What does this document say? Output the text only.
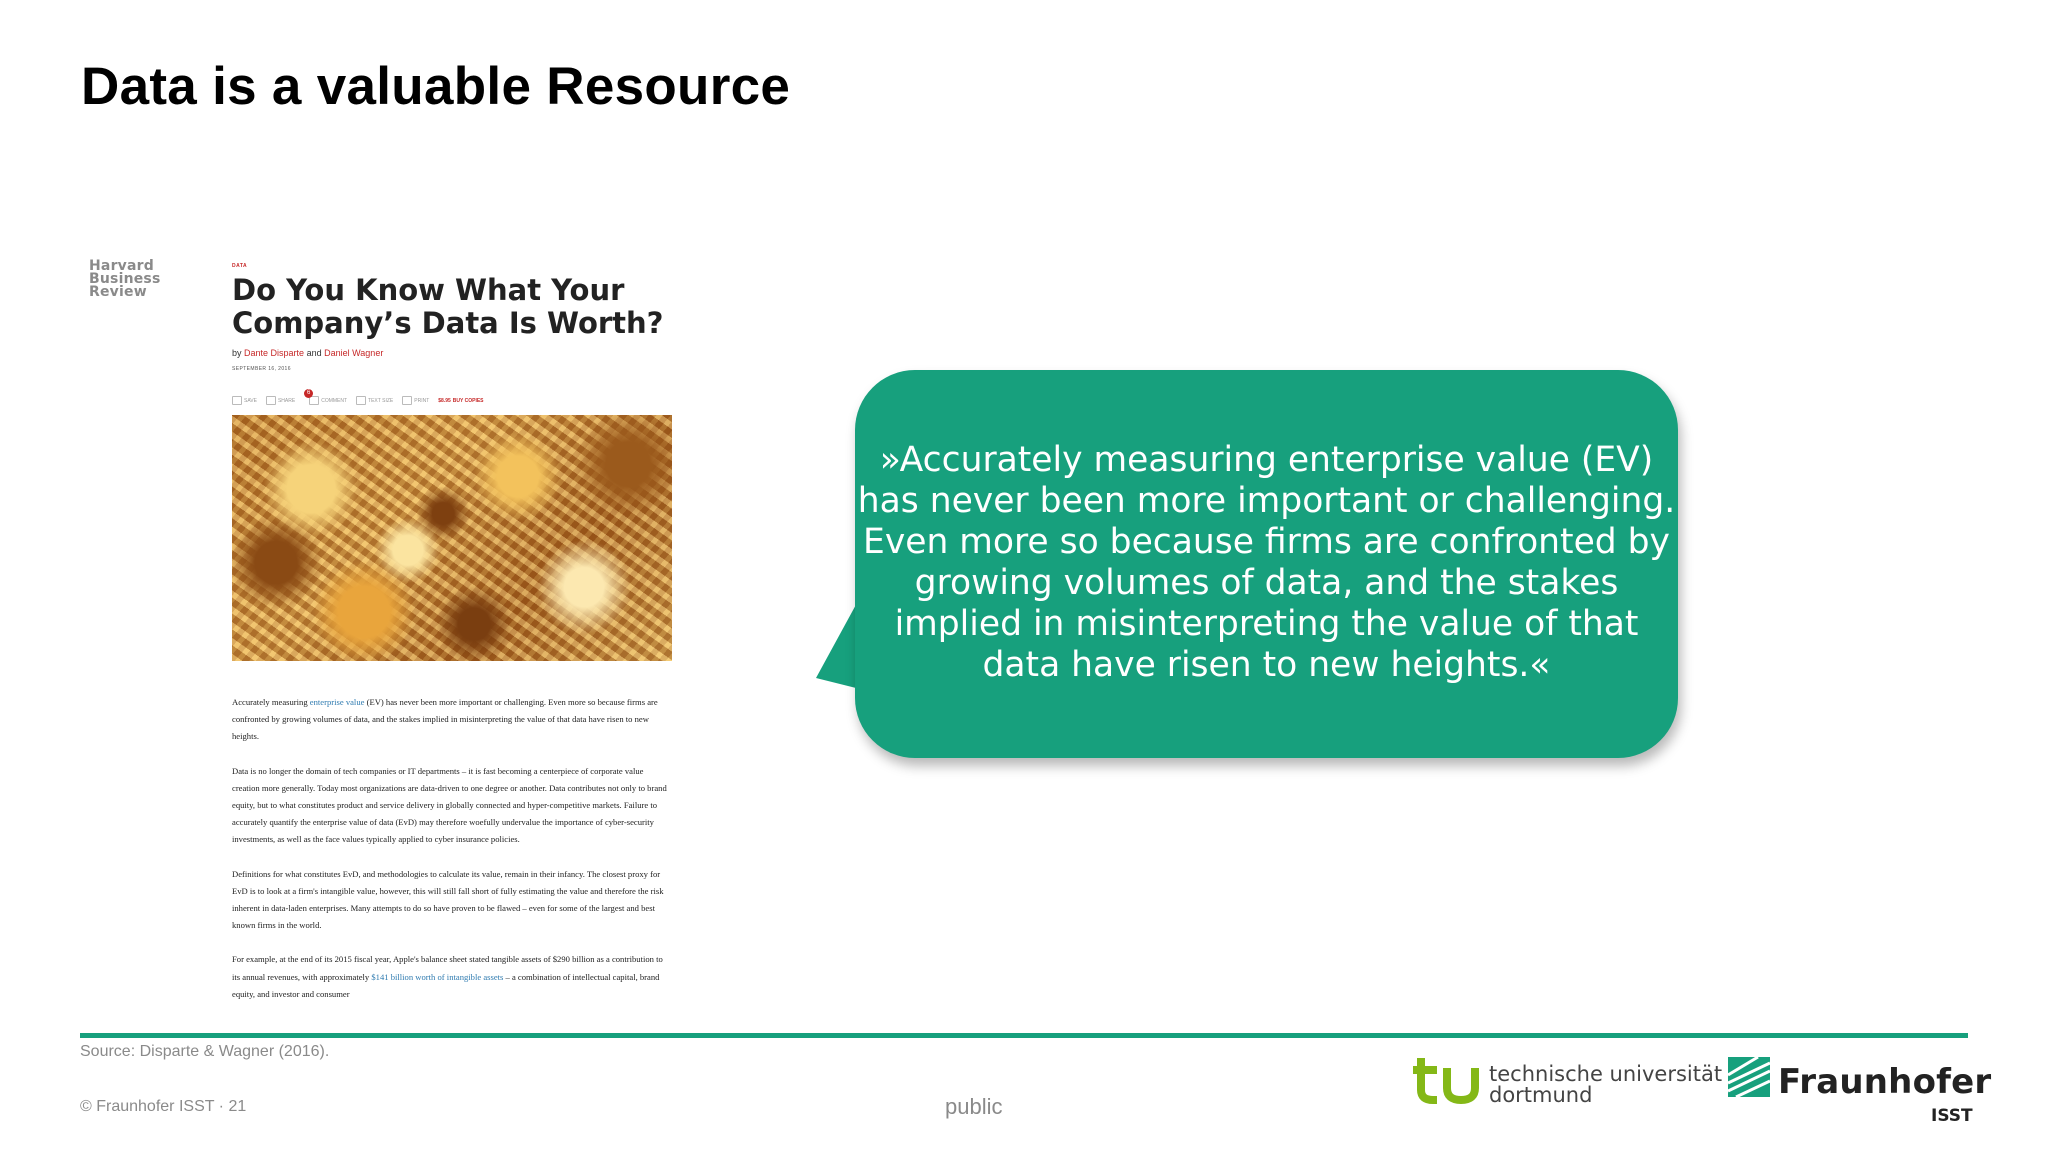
Data is a valuable Resource
Harvard
Business
Review
DATA
Do You Know What Your Company’s Data Is Worth?
by Dante Disparte and Daniel Wagner
SEPTEMBER 16, 2016
SAVE	SHARE
6
COMMENT	TEXT SIZE	PRINT $8.95 BUY COPIES

Accurately measuring enterprise value (EV) has never been more important or challenging. Even more so because firms are confronted by growing volumes of data, and the stakes implied in misinterpreting the value of that data have risen to new heights.

Data is no longer the domain of tech companies or IT departments – it is fast becoming a centerpiece of corporate value creation more generally. Today most organizations are data-driven to one degree or another. Data contributes not only to brand equity, but to what constitutes product and service delivery in globally connected and hyper-competitive markets. Failure to accurately quantify the enterprise value of data (EvD) may therefore woefully undervalue the importance of cyber-security investments, as well as the face values typically applied to cyber insurance policies.

Definitions for what constitutes EvD, and methodologies to calculate its value, remain in their infancy. The closest proxy for EvD is to look at a firm's intangible value, however, this will still fall short of fully estimating the value and therefore the risk inherent in data-laden enterprises. Many attempts to do so have proven to be flawed – even for some of the largest and best known firms in the world.

For example, at the end of its 2015 fiscal year, Apple's balance sheet stated tangible assets of $290 billion as a contribution to its annual revenues, with approximately $141 billion worth of intangible assets – a combination of intellectual capital, brand equity, and investor and consumer

»Accurately measuring enterprise value (EV) has never been more important or challenging. Even more so because firms are confronted by growing volumes of data, and the stakes implied in misinterpreting the value of that data have risen to new heights.«
Source: Disparte & Wagner (2016).
© Fraunhofer ISST · 21	public
technische universität
dortmund	Fraunhofer
ISST
